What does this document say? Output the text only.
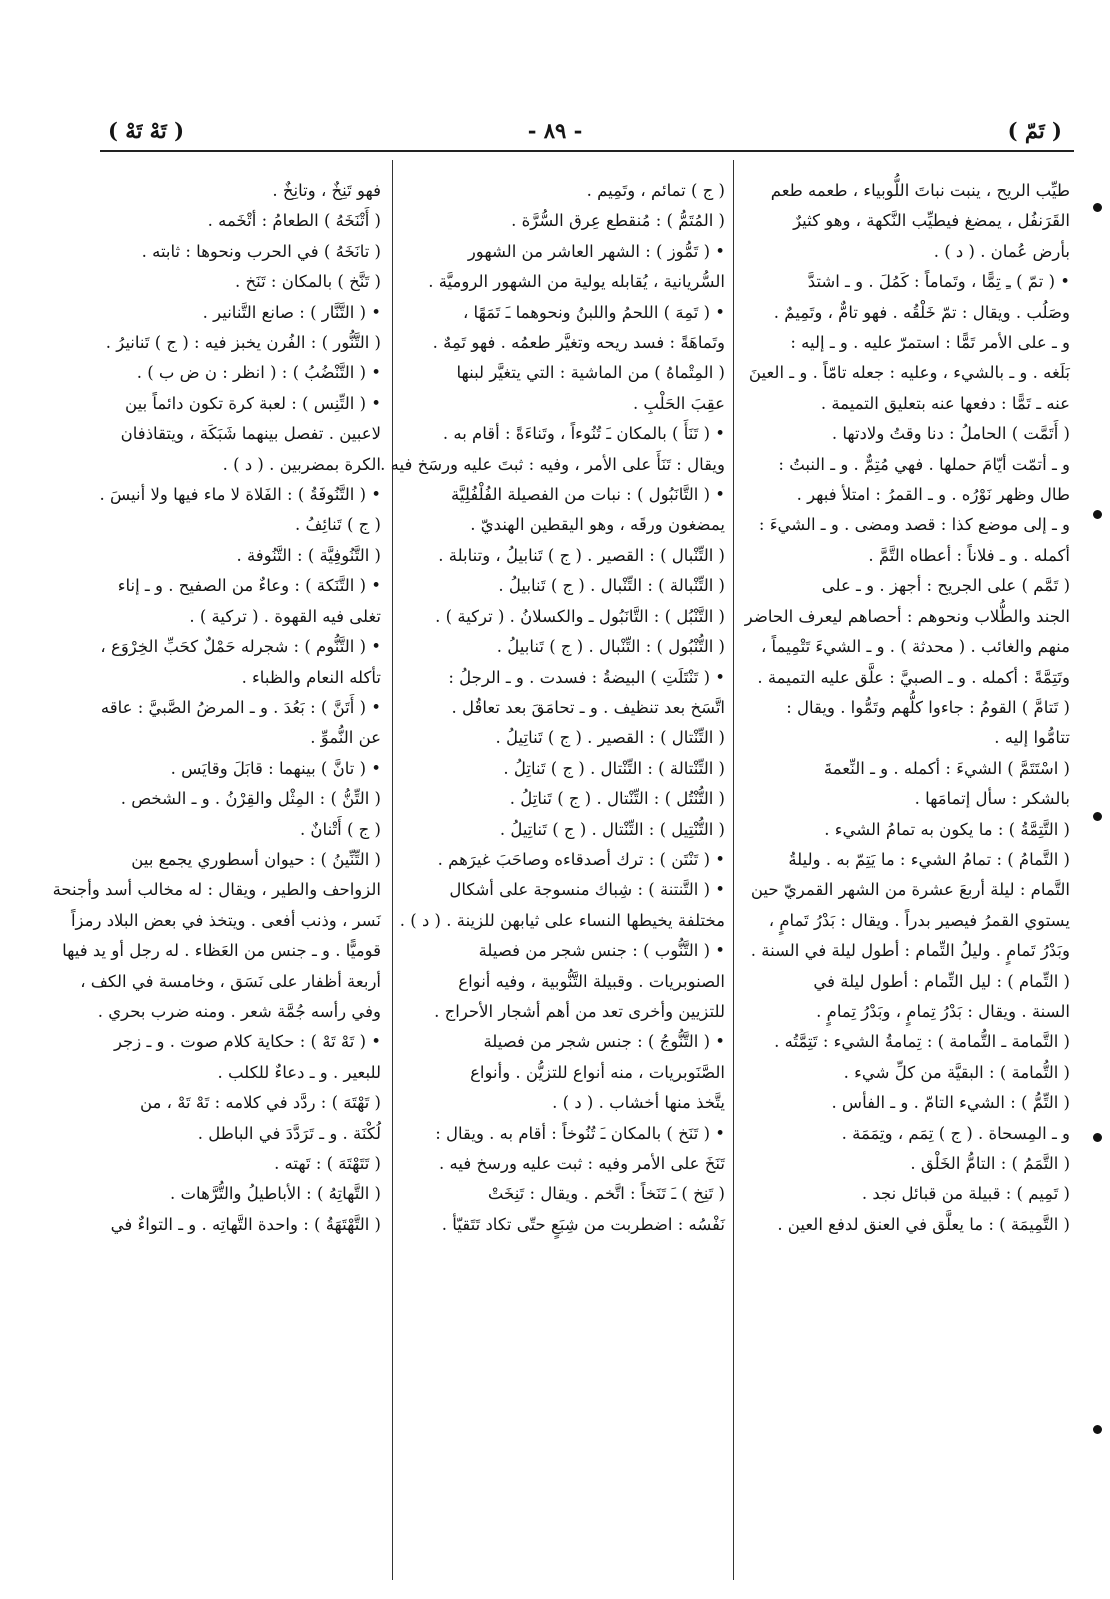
( تَمّ )
- ٨٩ -
( تَهْ تَهْ )
طيِّب الريح ، ينبت نباتَ اللُّوبياء ، طعمه طعم
القَرَنفُل ، يمضغ فيطيِّب النَّكهة ، وهو كثيرٌ
بأرض عُمان . ( د ) .
• ( تمّ ) ـِ تِمًّا ، وتَماماً : كَمُلَ . و ـ اشتدَّ
وصَلُب . ويقال : تمّ خَلْقُه . فهو تامٌّ ، وتَمِيمٌ .
و ـ على الأمر تَمًّا : استمرّ عليه . و ـ إليه :
بَلَغه . و ـ بالشيء ، وعليه : جعله تامّاً . و ـ العينَ
عنه ـ تَمًّا : دفعها عنه بتعليق التميمة .
( أَتَمَّت ) الحاملُ : دنا وقتُ ولادتها .
و ـ أتمّت أيّامَ حملها . فهي مُتِمٌّ . و ـ النبتُ :
طال وظهر نَوْرُه . و ـ القمرُ : امتلأ فبهر .
و ـ إلى موضع كذا : قصد ومضى . و ـ الشيءَ :
أكمله . و ـ فلاناً : أعطاه التَّمَّ .
( تَمَّم ) على الجريح : أجهز . و ـ على
الجند والطُّلاب ونحوهم : أحصاهم ليعرف الحاضر
منهم والغائب . ( محدثة ) . و ـ الشيءَ تَتْمِيماً ،
وتَتِمَّةً : أكمله . و ـ الصبيَّ : علَّق عليه التميمة .
( تَتامَّ ) القومُ : جاءوا كلُّهم وتَمُّوا . ويقال :
تتامُّوا إليه .
( اسْتَتَمَّ ) الشيءَ : أكمله . و ـ النِّعمةَ
بالشكر : سأل إتمامَها .
( التَّتِمَّةُ ) : ما يكون به تمامُ الشيء .
( التَّمامُ ) : تمامُ الشيء : ما يَتِمّ به . وليلةُ
التَّمام : ليلة أربعَ عشرة من الشهر القمريّ حين
يستوي القمرُ فيصير بدراً . ويقال : بَدْرُ تَمامٍ ،
وبَدْرُ تَمامٍ . وليلُ التِّمام : أطول ليلة في السنة .
( التِّمام ) : ليل التِّمام : أطول ليلة في
السنة . ويقال : بَدْرُ تِمامٍ ، وبَدْرُ تِمامٍ .
( التَّمامة ـ التُّمامة ) : تِمامةُ الشيء : تَتِمَّتُه .
( التُّمامة ) : البقيَّة من كلِّ شيء .
( التِّمُّ ) : الشيء التامّ . و ـ الفأس .
و ـ المِسحاة . ( ج ) تِمَم ، وتِمَمَة .
( التَّمَمُ ) : التامُّ الخَلْق .
( تَمِيم ) : قبيلة من قبائل نجد .
( التَّمِيمَة ) : ما يعلَّق في العنق لدفع العين .
( ج ) تمائم ، وتَمِيم .
( المُتَمُّ ) : مُنقطع عِرق السُّرَّة .
• ( تَمُّوز ) : الشهر العاشر من الشهور
السُّريانية ، يُقابله يولية من الشهور الروميَّة .
• ( تَمِهَ ) اللحمُ واللبنُ ونحوهما ـَ تَمَهًا ،
وتَماهَةً : فسد ريحه وتغيَّر طعمُه . فهو تَمِهٌ .
( المِتْماهُ ) من الماشية : التي يتغيَّر لبنها
عقِبَ الحَلْبِ .
• ( تَنَأَ ) بالمكان ـَ تُنُوءاً ، وتَناءَةً : أقام به .
ويقال : تَنَأَ على الأمر ، وفيه : ثبتَ عليه ورسَخ فيه .
• ( التَّانَبُول ) : نبات من الفصيلة الفُلْفُلِيَّة
يمضغون ورقَه ، وهو اليقطين الهنديّ .
( التِّنْبال ) : القصير . ( ج ) تَنابيلُ ، وتنابلة .
( التِّنْبالة ) : التِّنْبال . ( ج ) تَنابيلُ .
( التَّنْبُل ) : التَّانَبُول ـ والكسلانُ . ( تركية ) .
( التُّنْبُول ) : التِّنْبال . ( ج ) تَنابيلُ .
• ( تَنْتَلَتِ ) البيضةُ : فسدت . و ـ الرجلُ :
اتَّسَخ بعد تنظيف . و ـ تحامَقَ بعد تعاقُل .
( التِّنْتال ) : القصير . ( ج ) تَناتِيلُ .
( التِّنْتالة ) : التِّنْتال . ( ج ) تَناتِلُ .
( التُّنْتُل ) : التِّنْتال . ( ج ) تَناتِلُ .
( التُّنْتِيل ) : التِّنْتال . ( ج ) تَناتِيلُ .
• ( تَنْتَن ) : ترك أصدقاءه وصاحَبَ غيرَهم .
• ( التَّنتنة ) : شِباك منسوجة على أشكال
مختلفة يخيطها النساء على ثيابهن للزينة . ( د ) .
• ( التَّنُّوب ) : جنس شجر من فصيلة
الصنوبريات . وقبيلة التَّنُّوبية ، وفيه أنواع
للتزيين وأخرى تعد من أهم أشجار الأحراج .
• ( التَّنُّوجُ ) : جنس شجر من فصيلة
الصَّنَوبريات ، منه أنواع للتزيُّن . وأنواع
يتَّخذ منها أخشاب . ( د ) .
• ( تَنَخ ) بالمكان ـَ تُنُوخاً : أقام به . ويقال :
تَنَخَ على الأمر وفيه : ثبت عليه ورسخ فيه .
( تَنِخ ) ـَ تَنَخاً : اتَّخم . ويقال : تَنِخَتْ
نَفْسُه : اضطربت من شِبَعٍ حتّى تكاد تَتَقيّأ .
فهو تَنِخٌ ، وتانِخٌ .
( أَتْنَخَهُ ) الطعامُ : أتْخَمه .
( تانَخَهُ ) في الحرب ونحوها : ثابته .
( تَنَّخ ) بالمكان : تَنَخ .
• ( التَّنَّار ) : صانع التَّنانير .
( التَّنُّور ) : الفُرن يخبز فيه : ( ج ) تَنانيرُ .
• ( التَّنْضُبُ ) : ( انظر : ن ض ب ) .
• ( التِّنِس ) : لعبة كرة تكون دائماً بين
لاعبين . تفصل بينهما شَبَكَة ، ويتقاذفان
الكرة بمضربين . ( د ) .
• ( التَّنُوفَةُ ) : الفَلاة لا ماء فيها ولا أنيسَ .
( ج ) تَنائِفُ .
( التَّنُوفِيَّة ) : التَّنُوفة .
• ( التَّنَكة ) : وعاءٌ من الصفيح . و ـ إناء
تغلى فيه القهوة . ( تركية ) .
• ( التَّنُّوم ) : شجرله حَمْلٌ كحَبِّ الخِرْوَع ،
تأكله النعام والظباء .
• ( أَتَنَّ ) : بَعُدَ . و ـ المرضُ الصَّبيَّ : عاقه
عن النُّموِّ .
• ( تانَّ ) بينهما : قابَلَ وقايَس .
( التِّنُّ ) : المِثْل والقِرْنُ . و ـ الشخص .
( ج ) أَتْنانٌ .
( التِّنِّينُ ) : حيوان أسطوري يجمع بين
الزواحف والطير ، ويقال : له مخالب أسد وأجنحة
نَسر ، وذنب أفعى . ويتخذ في بعض البلاد رمزاً
قوميًّا . و ـ جنس من العَظاء . له رجل أو يد فيها
أربعة أظفار على نَسَق ، وخامسة في الكف ،
وفي رأسه جُمَّة شعر . ومنه ضرب بحري .
• ( تَهْ تَهْ ) : حكاية كلام صوت . و ـ زجر
للبعير . و ـ دعاءٌ للكلب .
( تَهْتَهَ ) : ردَّد في كلامه : تَهْ تَهْ ، من
لُكْنَة . و ـ تَرَدَّدَ في الباطل .
( تَتَهْتَهَ ) : تَهته .
( التَّهاتِهُ ) : الأباطيلُ والتُّرَّهات .
( التَّهْتَهَةُ ) : واحدة التَّهاتِه . و ـ التواءٌ في
